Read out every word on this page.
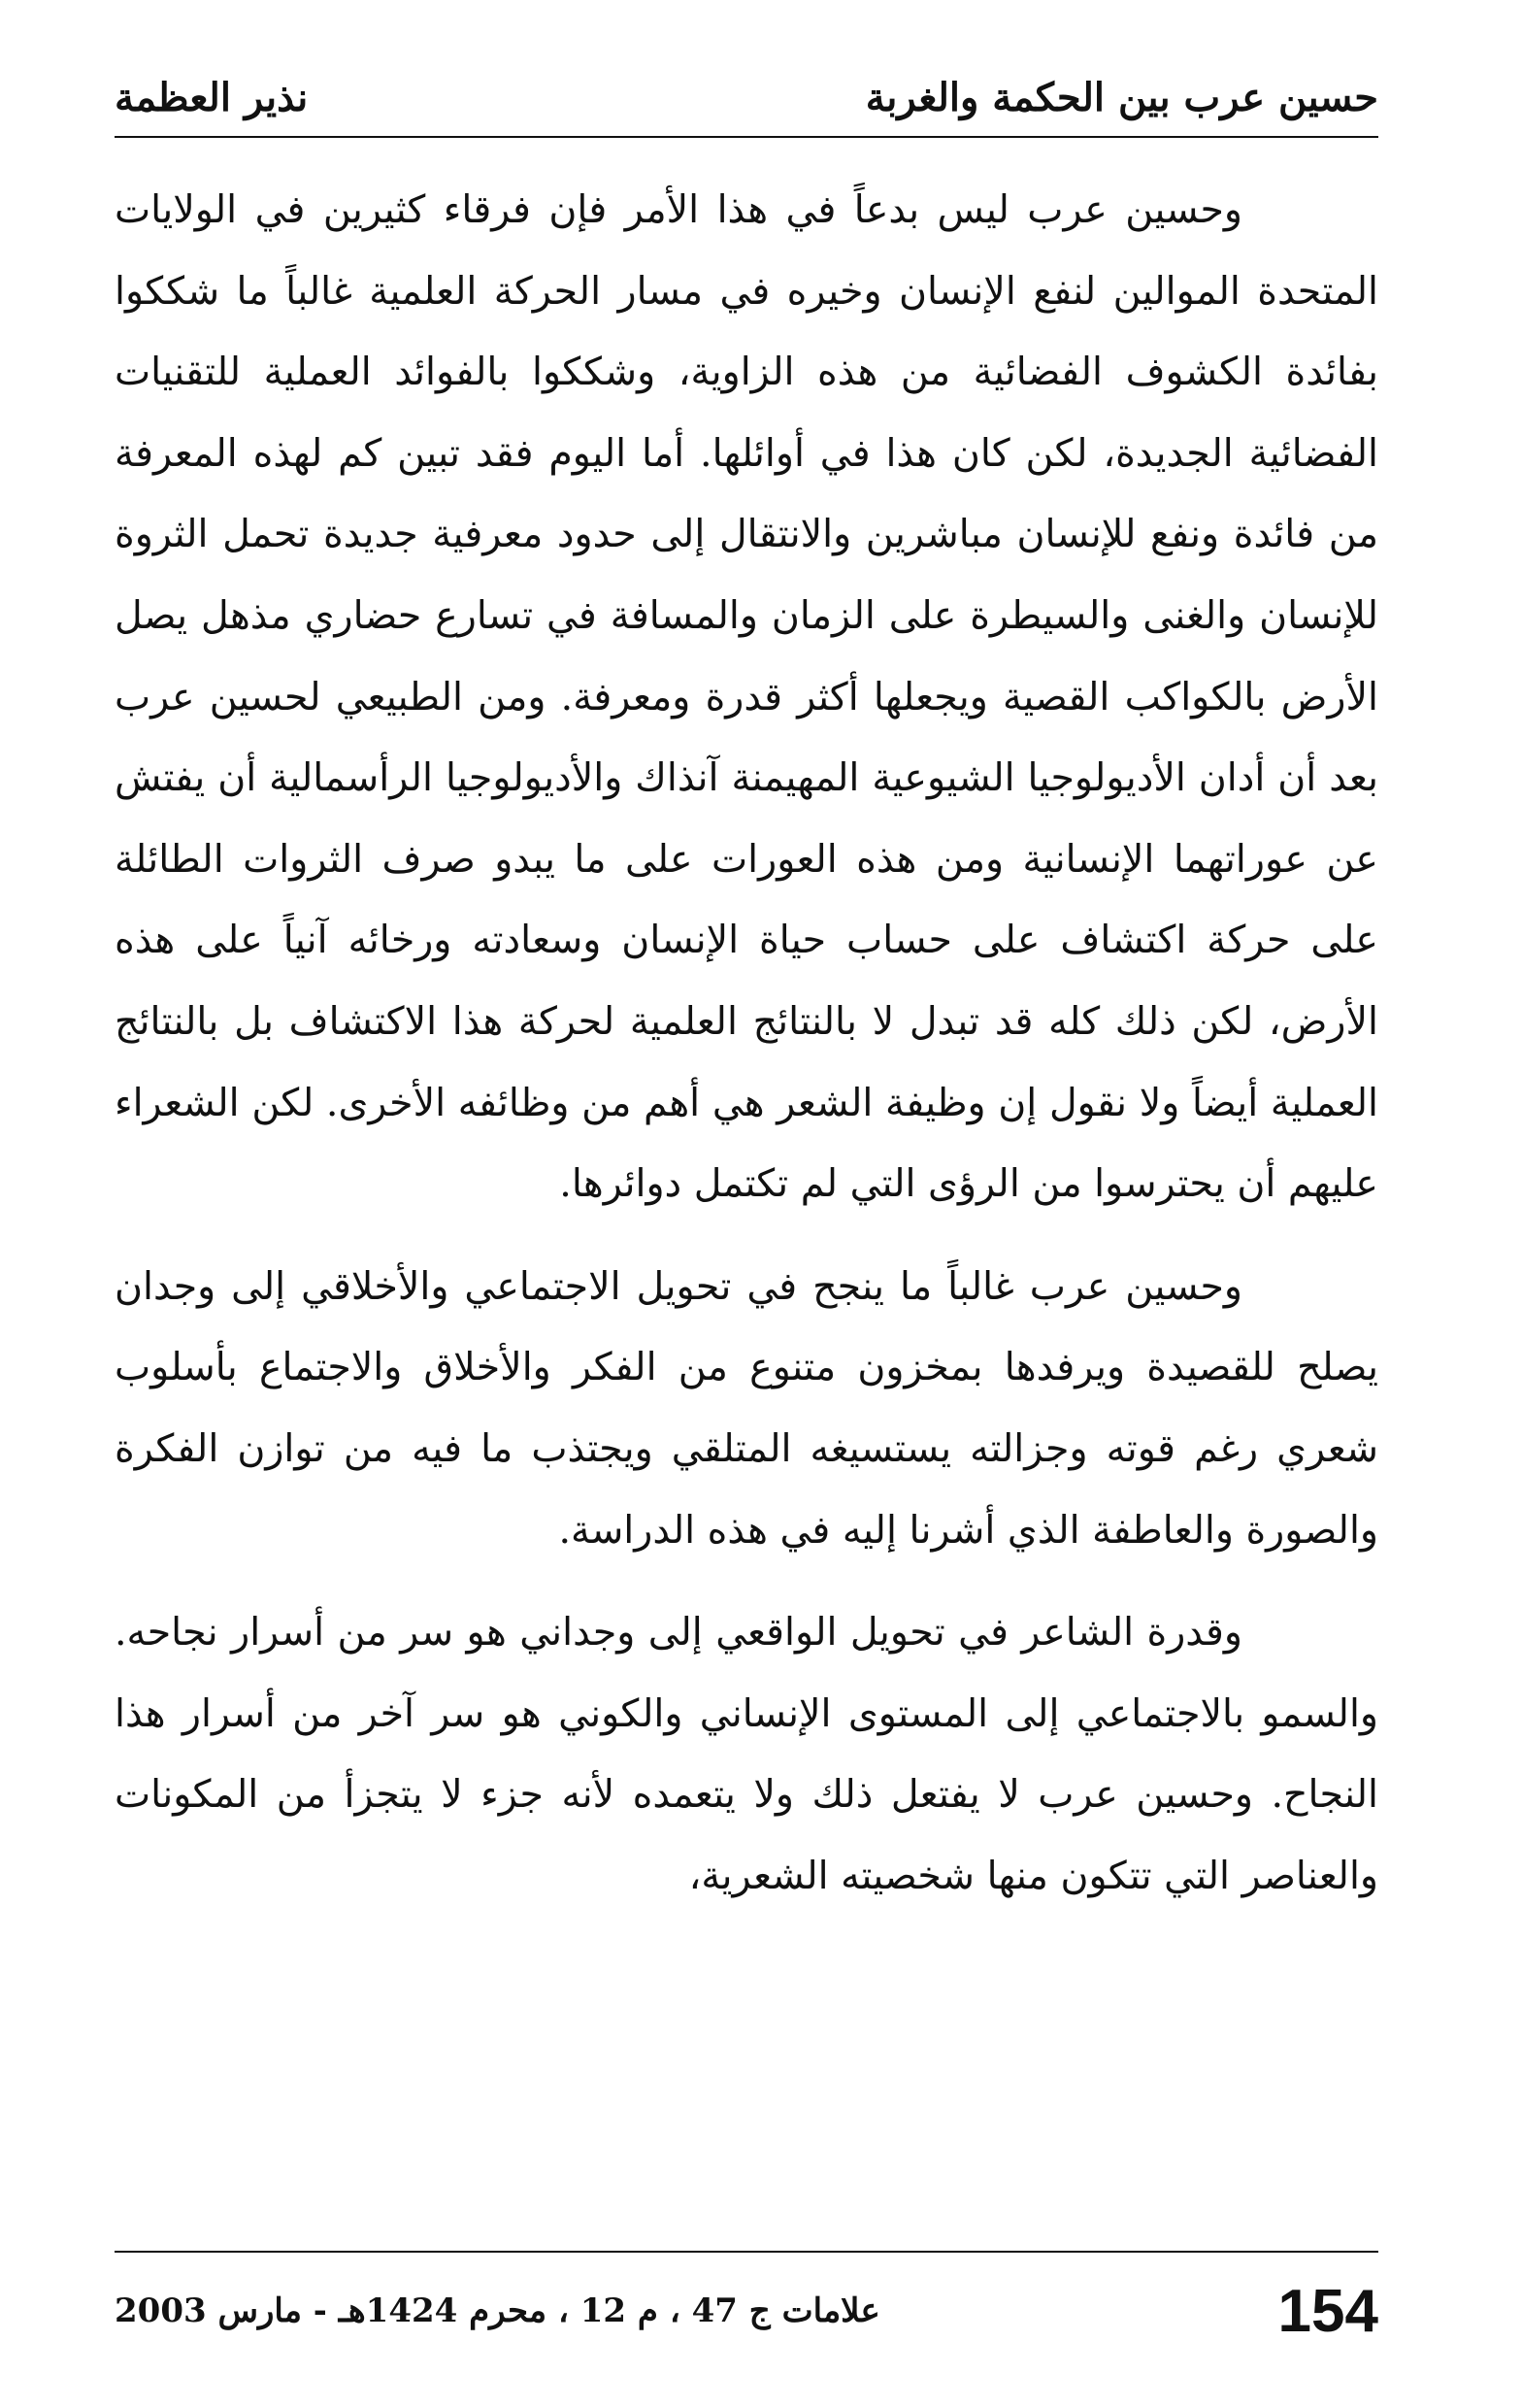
حسين عرب بين الحكمة والغربة
نذير العظمة

وحسين عرب ليس بدعاً في هذا الأمر فإن فرقاء كثيرين في الولايات المتحدة الموالين لنفع الإنسان وخيره في مسار الحركة العلمية غالباً ما شككوا بفائدة الكشوف الفضائية من هذه الزاوية، وشككوا بالفوائد العملية للتقنيات الفضائية الجديدة، لكن كان هذا في أوائلها. أما اليوم فقد تبين كم لهذه المعرفة من فائدة ونفع للإنسان مباشرين والانتقال إلى حدود معرفية جديدة تحمل الثروة للإنسان والغنى والسيطرة على الزمان والمسافة في تسارع حضاري مذهل يصل الأرض بالكواكب القصية ويجعلها أكثر قدرة ومعرفة. ومن الطبيعي لحسين عرب بعد أن أدان الأديولوجيا الشيوعية المهيمنة آنذاك والأديولوجيا الرأسمالية أن يفتش عن عوراتهما الإنسانية ومن هذه العورات على ما يبدو صرف الثروات الطائلة على حركة اكتشاف على حساب حياة الإنسان وسعادته ورخائه آنياً على هذه الأرض، لكن ذلك كله قد تبدل لا بالنتائج العلمية لحركة هذا الاكتشاف بل بالنتائج العملية أيضاً ولا نقول إن وظيفة الشعر هي أهم من وظائفه الأخرى. لكن الشعراء عليهم أن يحترسوا من الرؤى التي لم تكتمل دوائرها.

وحسين عرب غالباً ما ينجح في تحويل الاجتماعي والأخلاقي إلى وجدان يصلح للقصيدة ويرفدها بمخزون متنوع من الفكر والأخلاق والاجتماع بأسلوب شعري رغم قوته وجزالته يستسيغه المتلقي ويجتذب ما فيه من توازن الفكرة والصورة والعاطفة الذي أشرنا إليه في هذه الدراسة.

وقدرة الشاعر في تحويل الواقعي إلى وجداني هو سر من أسرار نجاحه. والسمو بالاجتماعي إلى المستوى الإنساني والكوني هو سر آخر من أسرار هذا النجاح. وحسين عرب لا يفتعل ذلك ولا يتعمده لأنه جزء لا يتجزأ من المكونات والعناصر التي تتكون منها شخصيته الشعرية،

154
علامات ج 47 ، م 12 ، محرم 1424هـ - مارس 2003
